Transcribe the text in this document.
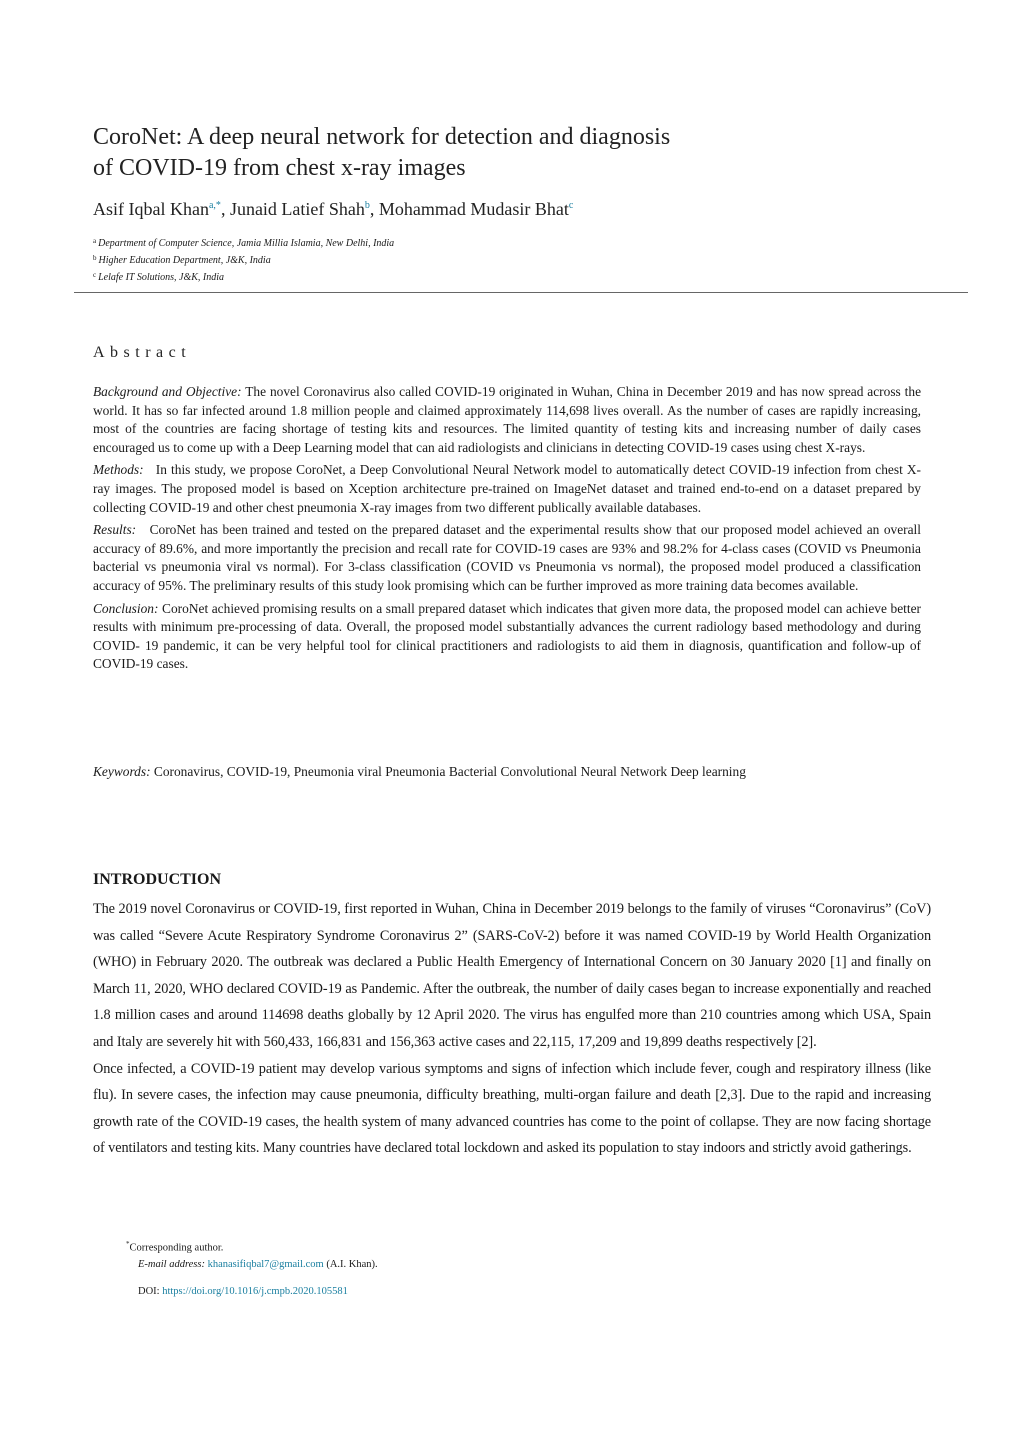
CoroNet: A deep neural network for detection and diagnosis
of COVID-19 from chest x-ray images
Asif Iqbal Khan$^{a,*}$, Junaid Latief Shah$^b$, Mohammad Mudasir Bhat$^c$
$^a$ Department of Computer Science, Jamia Millia Islamia, New Delhi, India
$^b$ Higher Education Department, J&K, India
$^c$ Lelafe IT Solutions, J&K, India
Abstract

Background and Objective: The novel Coronavirus also called COVID-19 originated in Wuhan, China in December 2019 and has now spread across the world. It has so far infected around 1.8 million people and claimed approximately 114,698 lives overall. As the number of cases are rapidly increasing, most of the countries are facing shortage of testing kits and resources. The limited quantity of testing kits and increasing number of daily cases encouraged us to come up with a Deep Learning model that can aid radiologists and clinicians in detecting COVID-19 cases using chest X-rays.

Methods: In this study, we propose CoroNet, a Deep Convolutional Neural Network model to automatically detect COVID-19 infection from chest X-ray images. The proposed model is based on Xception architecture pre-trained on ImageNet dataset and trained end-to-end on a dataset prepared by collecting COVID-19 and other chest pneumonia X-ray images from two different publically available databases.

Results: CoroNet has been trained and tested on the prepared dataset and the experimental results show that our proposed model achieved an overall accuracy of 89.6%, and more importantly the precision and recall rate for COVID-19 cases are 93% and 98.2% for 4-class cases (COVID vs Pneumonia bacterial vs pneumonia viral vs normal). For 3-class classification (COVID vs Pneumonia vs normal), the proposed model produced a classification accuracy of 95%. The preliminary results of this study look promising which can be further improved as more training data becomes available.

Conclusion: CoroNet achieved promising results on a small prepared dataset which indicates that given more data, the proposed model can achieve better results with minimum pre-processing of data. Overall, the proposed model substantially advances the current radiology based methodology and during COVID- 19 pandemic, it can be very helpful tool for clinical practitioners and radiologists to aid them in diagnosis, quantification and follow-up of COVID-19 cases.

Keywords: Coronavirus, COVID-19, Pneumonia viral Pneumonia Bacterial Convolutional Neural Network Deep learning
INTRODUCTION

The 2019 novel Coronavirus or COVID-19, first reported in Wuhan, China in December 2019 belongs to the family of viruses “Coronavirus” (CoV) was called “Severe Acute Respiratory Syndrome Coronavirus 2” (SARS-CoV-2) before it was named COVID-19 by World Health Organization (WHO) in February 2020. The outbreak was declared a Public Health Emergency of International Concern on 30 January 2020 [1] and finally on March 11, 2020, WHO declared COVID-19 as Pandemic. After the outbreak, the number of daily cases began to increase exponentially and reached 1.8 million cases and around 114698 deaths globally by 12 April 2020. The virus has engulfed more than 210 countries among which USA, Spain and Italy are severely hit with 560,433, 166,831 and 156,363 active cases and 22,115, 17,209 and 19,899 deaths respectively [2].

Once infected, a COVID-19 patient may develop various symptoms and signs of infection which include fever, cough and respiratory illness (like flu). In severe cases, the infection may cause pneumonia, difficulty breathing, multi-organ failure and death [2,3]. Due to the rapid and increasing growth rate of the COVID-19 cases, the health system of many advanced countries has come to the point of collapse. They are now facing shortage of ventilators and testing kits. Many countries have declared total lockdown and asked its population to stay indoors and strictly avoid gatherings.

*Corresponding author.
E-mail address: khanasifiqbal7@gmail.com (A.I. Khan).
DOI: https://doi.org/10.1016/j.cmpb.2020.105581
